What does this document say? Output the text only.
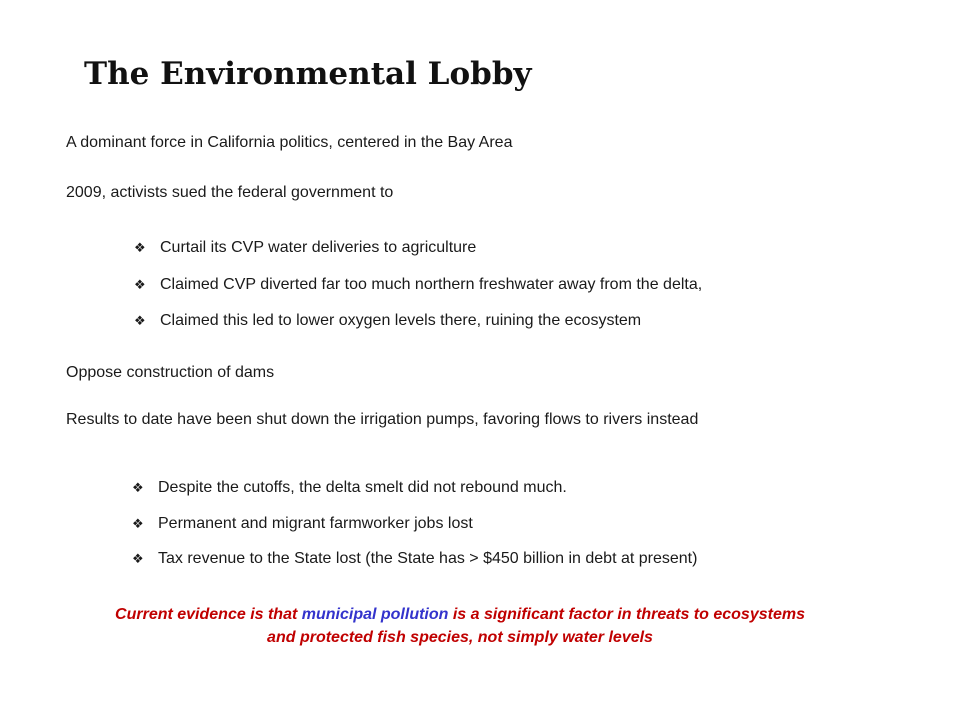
The Environmental Lobby
A dominant force in California politics, centered in the Bay Area
2009, activists sued the federal government to
❖ Curtail its CVP water deliveries to agriculture
❖ Claimed CVP diverted far too much northern freshwater away from the delta,
❖ Claimed this led to lower oxygen levels there, ruining the ecosystem
Oppose construction of dams
Results to date have been shut down the irrigation pumps, favoring flows to rivers instead
❖ Despite the cutoffs, the delta smelt did not rebound much.
❖ Permanent and migrant farmworker jobs lost
❖ Tax revenue to the State lost (the State has > $450 billion in debt at present)
Current evidence is that municipal pollution is a significant factor in threats to ecosystems
and protected fish species, not simply water levels
